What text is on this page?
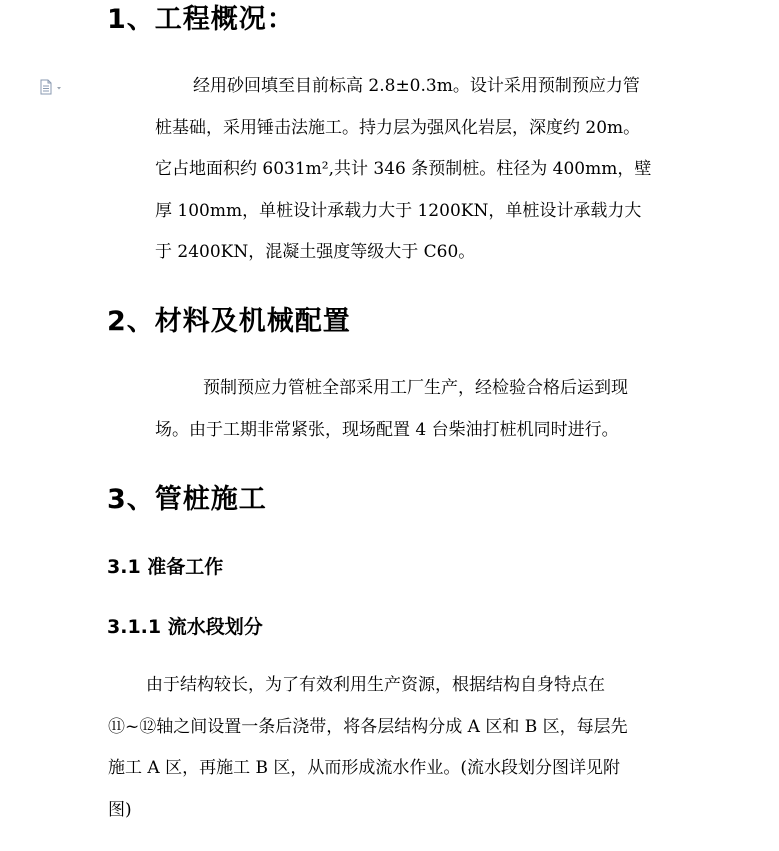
1、工程概况：
经用砂回填至目前标高 2.8±0.3m。设计采用预制预应力管
桩基础，采用锤击法施工。持力层为强风化岩层，深度约 20m。
它占地面积约 6031m²,共计 346 条预制桩。柱径为 400mm，壁
厚 100mm，单桩设计承载力大于 1200KN，单桩设计承载力大
于 2400KN，混凝土强度等级大于 C60。
2、材料及机械配置
预制预应力管桩全部采用工厂生产，经检验合格后运到现
场。由于工期非常紧张，现场配置 4 台柴油打桩机同时进行。
3、管桩施工
3.1 准备工作
3.1.1 流水段划分
由于结构较长，为了有效利用生产资源，根据结构自身特点在
⑪~⑫轴之间设置一条后浇带，将各层结构分成 A 区和 B 区，每层先
施工 A 区，再施工 B 区，从而形成流水作业。(流水段划分图详见附
图)
